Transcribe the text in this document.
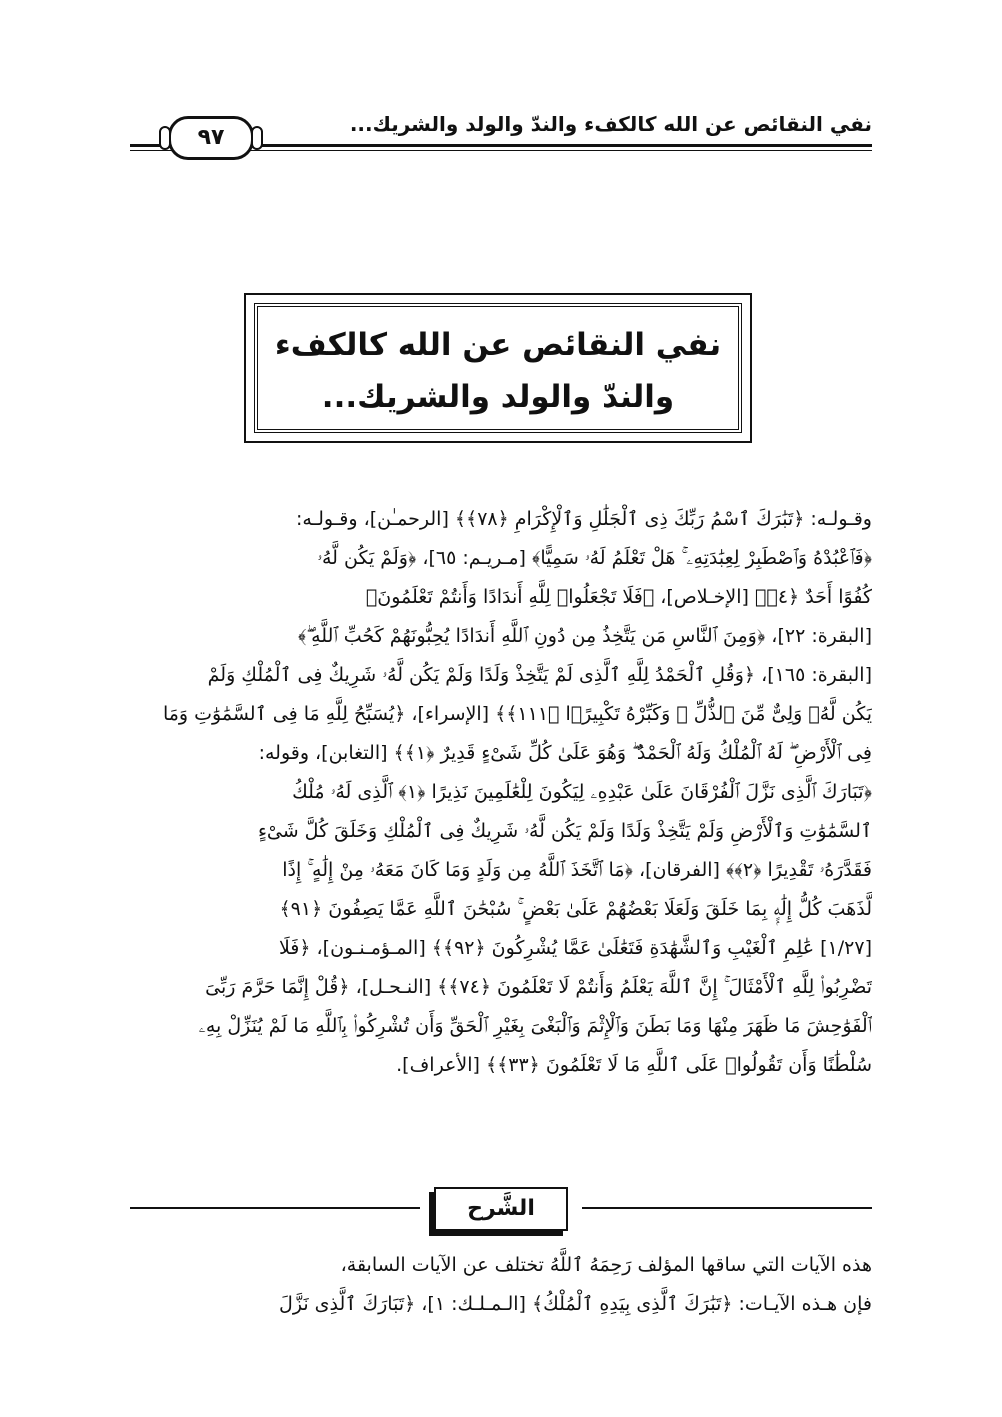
نفي النقائص عن الله كالكفء والندّ والولد والشريك...
٩٧
نفي النقائص عن الله كالكفء
والندّ والولد والشريك...
وقـولـه: ﴿تَبَٰرَكَ ٱسْمُ رَبِّكَ ذِى ٱلْجَلَٰلِ وَٱلْإِكْرَامِ ﴿٧٨﴾﴾ [الرحمـٰن]، وقـولـه:
﴿فَٱعْبُدْهُ وَٱصْطَبِرْ لِعِبَٰدَتِهِۦ ۚ هَلْ تَعْلَمُ لَهُۥ سَمِيًّا﴾ [مـريـم: ٦٥]، ﴿وَلَمْ يَكُن لَّهُۥ
كُفُوًا أَحَدٌ ﴿٤﴾﴾ [الإخـلاص]، ﴿فَلَا تَجْعَلُوا۟ لِلَّهِ أَندَادًا وَأَنتُمْ تَعْلَمُونَ﴾
[البقرة: ٢٢]، ﴿وَمِنَ ٱلنَّاسِ مَن يَتَّخِذُ مِن دُونِ ٱللَّهِ أَندَادًا يُحِبُّونَهُمْ كَحُبِّ ٱللَّهِ ۖ﴾
[البقرة: ١٦٥]، ﴿وَقُلِ ٱلْحَمْدُ لِلَّهِ ٱلَّذِى لَمْ يَتَّخِذْ وَلَدًا وَلَمْ يَكُن لَّهُۥ شَرِيكٌ فِى ٱلْمُلْكِ وَلَمْ
يَكُن لَّهُۥ وَلِىٌّ مِّنَ ٱلذُّلِّ ۖ وَكَبِّرْهُ تَكْبِيرًۢا ﴿١١١﴾﴾ [الإسراء]، ﴿يُسَبِّحُ لِلَّهِ مَا فِى ٱلسَّمَٰوَٰتِ وَمَا
فِى ٱلْأَرْضِ ۖ لَهُ ٱلْمُلْكُ وَلَهُ ٱلْحَمْدُ ۖ وَهُوَ عَلَىٰ كُلِّ شَىْءٍ قَدِيرٌ ﴿١﴾﴾ [التغابن]، وقوله:
﴿تَبَارَكَ ٱلَّذِى نَزَّلَ ٱلْفُرْقَانَ عَلَىٰ عَبْدِهِۦ لِيَكُونَ لِلْعَٰلَمِينَ نَذِيرًا ﴿١﴾ ٱلَّذِى لَهُۥ مُلْكُ
ٱلسَّمَٰوَٰتِ وَٱلْأَرْضِ وَلَمْ يَتَّخِذْ وَلَدًا وَلَمْ يَكُن لَّهُۥ شَرِيكٌ فِى ٱلْمُلْكِ وَخَلَقَ كُلَّ شَىْءٍ
فَقَدَّرَهُۥ تَقْدِيرًا ﴿٢﴾﴾ [الفرقان]، ﴿مَا ٱتَّخَذَ ٱللَّهُ مِن وَلَدٍ وَمَا كَانَ مَعَهُۥ مِنْ إِلَٰهٍ ۚ إِذًا
لَّذَهَبَ كُلُّ إِلَٰهٍۭ بِمَا خَلَقَ وَلَعَلَا بَعْضُهُمْ عَلَىٰ بَعْضٍ ۚ سُبْحَٰنَ ٱللَّهِ عَمَّا يَصِفُونَ ﴿٩١﴾
[١/٢٧] عَٰلِمِ ٱلْغَيْبِ وَٱلشَّهَٰدَةِ فَتَعَٰلَىٰ عَمَّا يُشْرِكُونَ ﴿٩٢﴾﴾ [المـؤمـنـون]، ﴿فَلَا
تَضْرِبُوا۟ لِلَّهِ ٱلْأَمْثَالَ ۚ إِنَّ ٱللَّهَ يَعْلَمُ وَأَنتُمْ لَا تَعْلَمُونَ ﴿٧٤﴾﴾ [النـحـل]، ﴿قُلْ إِنَّمَا حَرَّمَ رَبِّىَ
ٱلْفَوَٰحِشَ مَا ظَهَرَ مِنْهَا وَمَا بَطَنَ وَٱلْإِثْمَ وَٱلْبَغْىَ بِغَيْرِ ٱلْحَقِّ وَأَن تُشْرِكُوا۟ بِٱللَّهِ مَا لَمْ يُنَزِّلْ بِهِۦ
سُلْطَٰنًا وَأَن تَقُولُوا۟ عَلَى ٱللَّهِ مَا لَا تَعْلَمُونَ ﴿٣٣﴾﴾ [الأعراف].
الشَّرح
هذه الآيات التي ساقها المؤلف رَحِمَهُ ٱللَّهُ تختلف عن الآيات السابقة،
فإن هـذه الآيـات: ﴿تَبَٰرَكَ ٱلَّذِى بِيَدِهِ ٱلْمُلْكُ﴾ [الـمـلـك: ١]، ﴿تَبَارَكَ ٱلَّذِى نَزَّلَ
